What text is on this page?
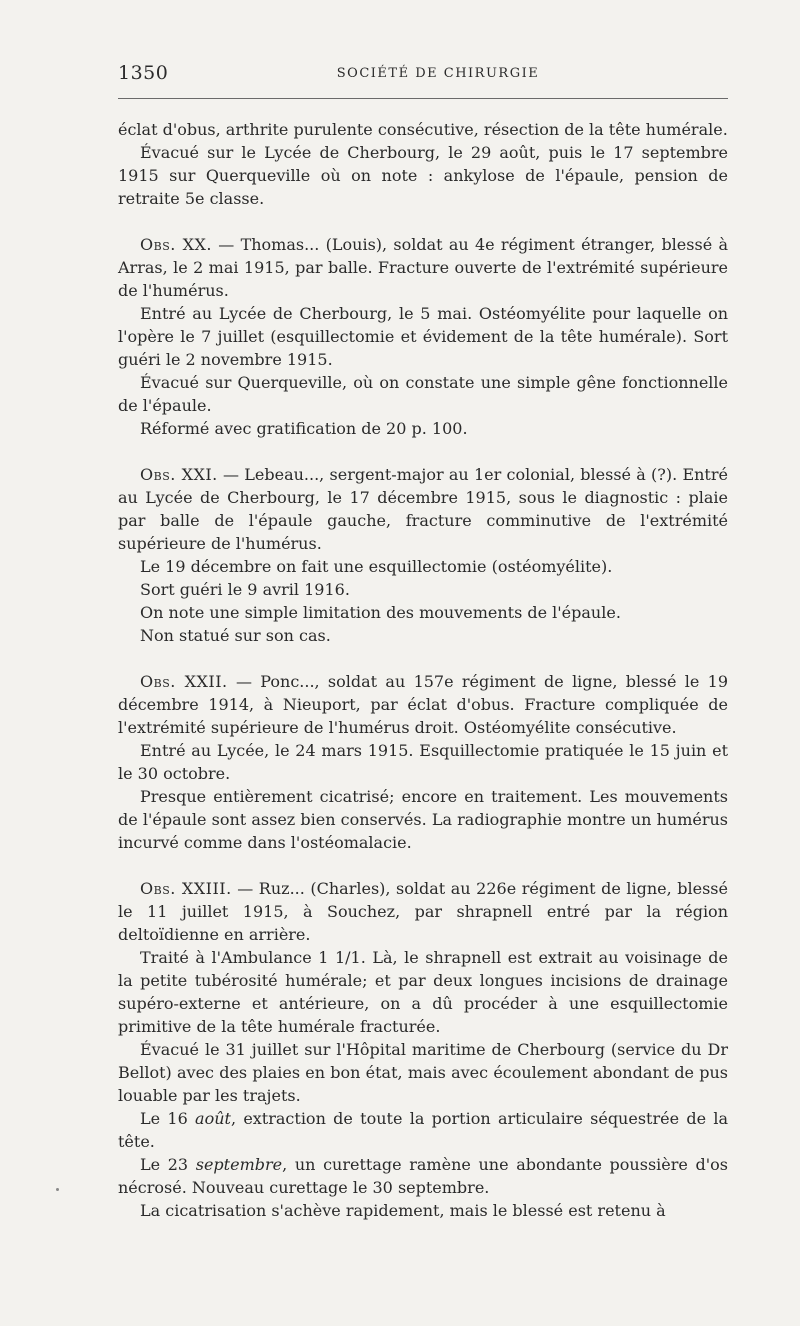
1350	SOCIÉTÉ DE CHIRURGIE

éclat d'obus, arthrite purulente consécutive, résection de la tête humérale.

Évacué sur le Lycée de Cherbourg, le 29 août, puis le 17 septembre 1915 sur Querqueville où on note : ankylose de l'épaule, pension de retraite 5e classe.

Obs. XX. — Thomas... (Louis), soldat au 4e régiment étranger, blessé à Arras, le 2 mai 1915, par balle. Fracture ouverte de l'extrémité supérieure de l'humérus.

Entré au Lycée de Cherbourg, le 5 mai. Ostéomyélite pour laquelle on l'opère le 7 juillet (esquillectomie et évidement de la tête humérale). Sort guéri le 2 novembre 1915.

Évacué sur Querqueville, où on constate une simple gêne fonctionnelle de l'épaule.

Réformé avec gratification de 20 p. 100.

Obs. XXI. — Lebeau..., sergent-major au 1er colonial, blessé à (?). Entré au Lycée de Cherbourg, le 17 décembre 1915, sous le diagnostic : plaie par balle de l'épaule gauche, fracture comminutive de l'extrémité supérieure de l'humérus.

Le 19 décembre on fait une esquillectomie (ostéomyélite).

Sort guéri le 9 avril 1916.

On note une simple limitation des mouvements de l'épaule.

Non statué sur son cas.

Obs. XXII. — Ponc..., soldat au 157e régiment de ligne, blessé le 19 décembre 1914, à Nieuport, par éclat d'obus. Fracture compliquée de l'extrémité supérieure de l'humérus droit. Ostéomyélite consécutive.

Entré au Lycée, le 24 mars 1915. Esquillectomie pratiquée le 15 juin et le 30 octobre.

Presque entièrement cicatrisé; encore en traitement. Les mouvements de l'épaule sont assez bien conservés. La radiographie montre un humérus incurvé comme dans l'ostéomalacie.

Obs. XXIII. — Ruz... (Charles), soldat au 226e régiment de ligne, blessé le 11 juillet 1915, à Souchez, par shrapnell entré par la région deltoïdienne en arrière.

Traité à l'Ambulance 1 1/1. Là, le shrapnell est extrait au voisinage de la petite tubérosité humérale; et par deux longues incisions de drainage supéro-externe et antérieure, on a dû procéder à une esquillectomie primitive de la tête humérale fracturée.

Évacué le 31 juillet sur l'Hôpital maritime de Cherbourg (service du Dr Bellot) avec des plaies en bon état, mais avec écoulement abondant de pus louable par les trajets.

Le 16 août, extraction de toute la portion articulaire séquestrée de la tête.

Le 23 septembre, un curettage ramène une abondante poussière d'os nécrosé. Nouveau curettage le 30 septembre.

La cicatrisation s'achève rapidement, mais le blessé est retenu à
